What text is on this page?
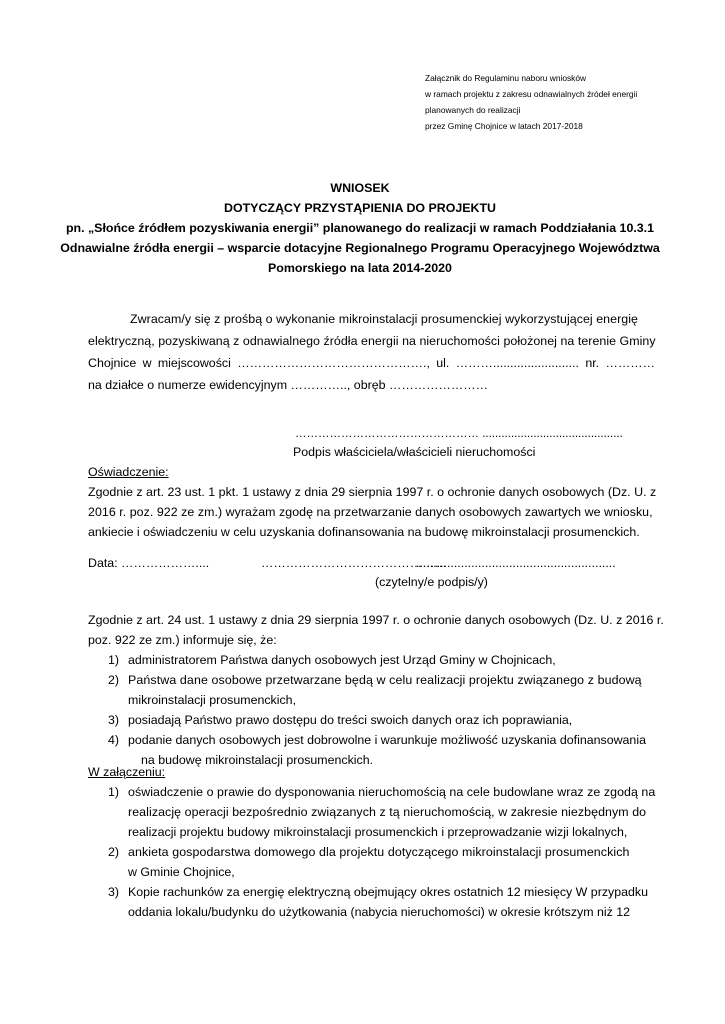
Załącznik do Regulaminu naboru wniosków
w ramach projektu z zakresu odnawialnych źródeł energii
planowanych do realizacji
przez Gminę Chojnice w latach 2017-2018
WNIOSEK
DOTYCZĄCY PRZYSTĄPIENIA DO PROJEKTU
pn. „Słońce źródłem pozyskiwania energii” planowanego do realizacji w ramach Poddziałania 10.3.1
Odnawialne źródła energii – wsparcie dotacyjne Regionalnego Programu Operacyjnego Województwa
Pomorskiego na lata 2014-2020
Zwracam/y się z prośbą o wykonanie mikroinstalacji prosumenckiej wykorzystującej energię
elektryczną, pozyskiwaną z odnawialnego źródła energii na nieruchomości położonej na terenie Gminy
Chojnice w miejscowości ………………………………………., ul. ………......................... nr. …………
na działce o numerze ewidencyjnym ………….., obręb ……………………
………………………………………… ............................................
Podpis właściciela/właścicieli nieruchomości
Oświadczenie:
Zgodnie z art. 23 ust. 1 pkt. 1 ustawy z dnia 29 sierpnia 1997 r. o ochronie danych osobowych (Dz. U. z
2016 r. poz. 922 ze zm.) wyrażam zgodę na przetwarzanie danych osobowych zawartych we wniosku,
ankiecie i oświadczeniu w celu uzyskania dofinansowania na budowę mikroinstalacji prosumenckich.
Data: ………………....	………………………………………
..........................................................
(czytelny/e podpis/y)
Zgodnie z art. 24 ust. 1 ustawy z dnia 29 sierpnia 1997 r. o ochronie danych osobowych (Dz. U. z 2016 r.
poz. 922 ze zm.) informuje się, że:
1) administratorem Państwa danych osobowych jest Urząd Gminy w Chojnicach,
2) Państwa dane osobowe przetwarzane będą w celu realizacji projektu związanego z budową
mikroinstalacji prosumenckich,
3) posiadają Państwo prawo dostępu do treści swoich danych oraz ich poprawiania,
4) podanie danych osobowych jest dobrowolne i warunkuje możliwość uzyskania dofinansowania
na budowę mikroinstalacji prosumenckich.
W załączeniu:
1) oświadczenie o prawie do dysponowania nieruchomością na cele budowlane wraz ze zgodą na
realizację operacji bezpośrednio związanych z tą nieruchomością, w zakresie niezbędnym do
realizacji projektu budowy mikroinstalacji prosumenckich i przeprowadzanie wizji lokalnych,
2) ankieta gospodarstwa domowego dla projektu dotyczącego mikroinstalacji prosumenckich
w Gminie Chojnice,
3) Kopie rachunków za energię elektryczną obejmujący okres ostatnich 12 miesięcy W przypadku
oddania lokalu/budynku do użytkowania (nabycia nieruchomości) w okresie krótszym niż 12
